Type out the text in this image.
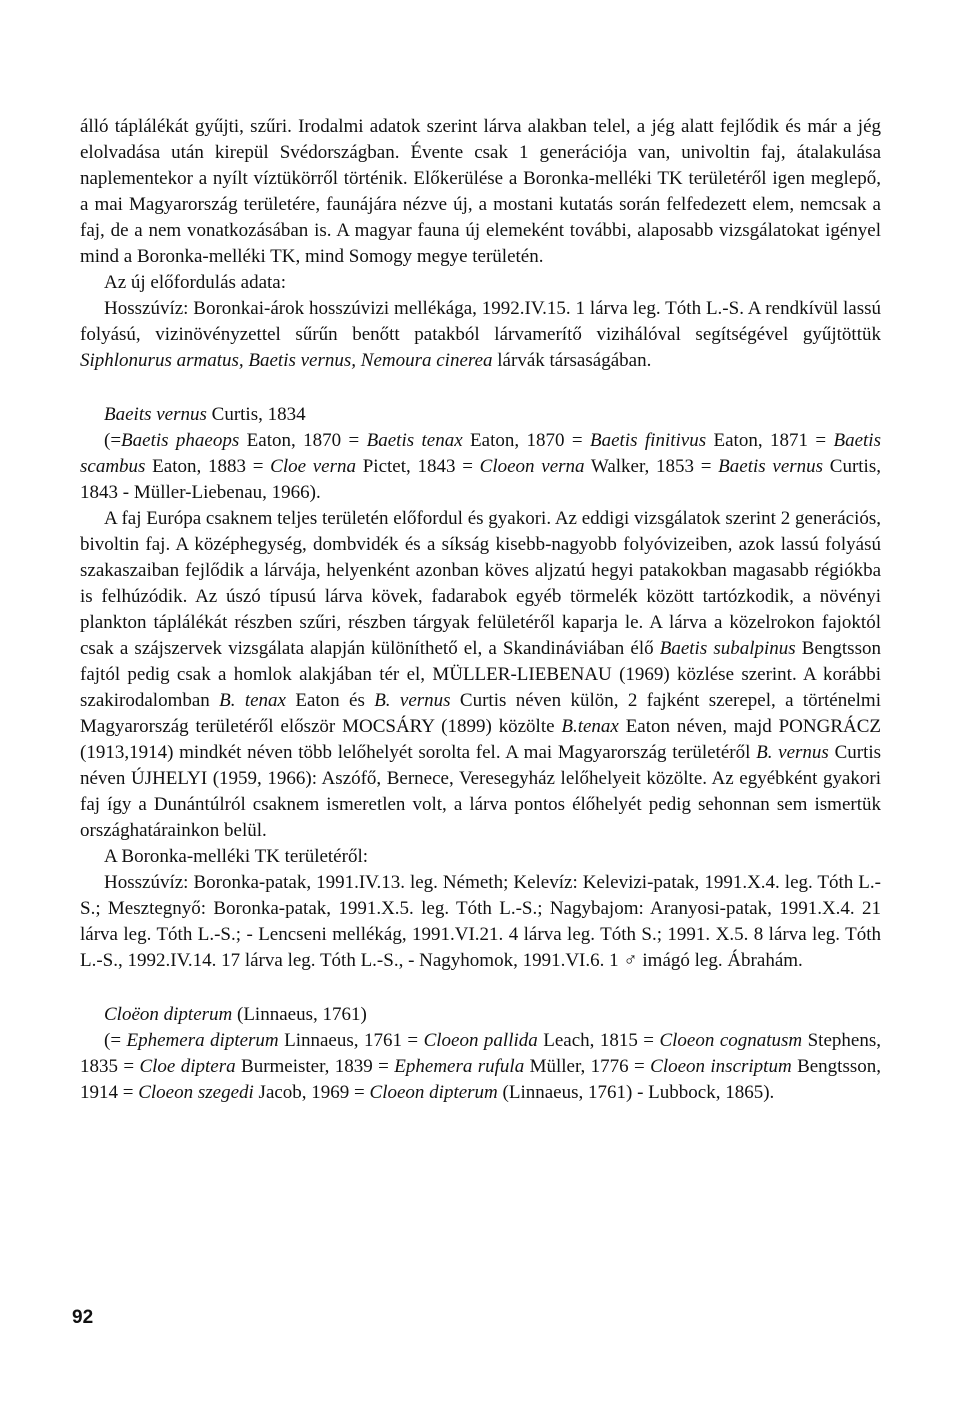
álló táplálékát gyűjti, szűri. Irodalmi adatok szerint lárva alakban telel, a jég alatt fejlődik és már a jég elolvadása után kirepül Svédországban. Évente csak 1 generációja van, univoltin faj, átalakulása naplementekor a nyílt víztükörről történik. Előkerülése a Boronka-melléki TK területéről igen meglepő, a mai Magyarország területére, faunájára nézve új, a mostani kutatás során felfedezett elem, nemcsak a faj, de a nem vonatkozásában is. A magyar fauna új elemeként további, alaposabb vizsgálatokat igényel mind a Boronka-melléki TK, mind Somogy megye területén.

Az új előfordulás adata:

Hosszúvíz: Boronkai-árok hosszúvizi mellékága, 1992.IV.15. 1 lárva leg. Tóth L.-S. A rendkívül lassú folyású, vizinövényzettel sűrűn benőtt patakból lárvamerítő vizihálóval segítségével gyűjtöttük Siphlonurus armatus, Baetis vernus, Nemoura cinerea lárvák társaságában.

Baeits vernus Curtis, 1834

(=Baetis phaeops Eaton, 1870 = Baetis tenax Eaton, 1870 = Baetis finitivus Eaton, 1871 = Baetis scambus Eaton, 1883 = Cloe verna Pictet, 1843 = Cloeon verna Walker, 1853 = Baetis vernus Curtis, 1843 - Müller-Liebenau, 1966).

A faj Európa csaknem teljes területén előfordul és gyakori. Az eddigi vizsgálatok szerint 2 generációs, bivoltin faj. A középhegység, dombvidék és a síkság kisebb-nagyobb folyóvizeiben, azok lassú folyású szakaszaiban fejlődik a lárvája, helyenként azonban köves aljzatú hegyi patakokban magasabb régiókba is felhúzódik. Az úszó típusú lárva kövek, fadarabok egyéb törmelék között tartózkodik, a növényi plankton táplálékát részben szűri, részben tárgyak felületéről kaparja le. A lárva a közelrokon fajoktól csak a szájszervek vizsgálata alapján különíthető el, a Skandináviában élő Baetis subalpinus Bengtsson fajtól pedig csak a homlok alakjában tér el, MÜLLER-LIEBENAU (1969) közlése szerint. A korábbi szakirodalomban B. tenax Eaton és B. vernus Curtis néven külön, 2 fajként szerepel, a történelmi Magyarország területéről először MOCSÁRY (1899) közölte B.tenax Eaton néven, majd PONGRÁCZ (1913,1914) mindkét néven több lelőhelyét sorolta fel. A mai Magyarország területéről B. vernus Curtis néven ÚJHELYI (1959, 1966): Aszófő, Bernece, Veresegyház lelőhelyeit közölte. Az egyébként gyakori faj így a Dunántúlról csaknem ismeretlen volt, a lárva pontos élőhelyét pedig sehonnan sem ismertük országhatárainkon belül.

A Boronka-melléki TK területéről:

Hosszúvíz: Boronka-patak, 1991.IV.13. leg. Németh; Kelevíz: Kelevizi-patak, 1991.X.4. leg. Tóth L.-S.; Mesztegnyő: Boronka-patak, 1991.X.5. leg. Tóth L.-S.; Nagybajom: Aranyosi-patak, 1991.X.4. 21 lárva leg. Tóth L.-S.; - Lencseni mellékág, 1991.VI.21. 4 lárva leg. Tóth S.; 1991. X.5. 8 lárva leg. Tóth L.-S., 1992.IV.14. 17 lárva leg. Tóth L.-S., - Nagyhomok, 1991.VI.6. 1 ♂ imágó leg. Ábrahám.

Cloëon dipterum (Linnaeus, 1761)

(= Ephemera dipterum Linnaeus, 1761 = Cloeon pallida Leach, 1815 = Cloeon cognatusm Stephens, 1835 = Cloe diptera Burmeister, 1839 = Ephemera rufula Müller, 1776 = Cloeon inscriptum Bengtsson, 1914 = Cloeon szegedi Jacob, 1969 = Cloeon dipterum (Linnaeus, 1761) - Lubbock, 1865).

92
